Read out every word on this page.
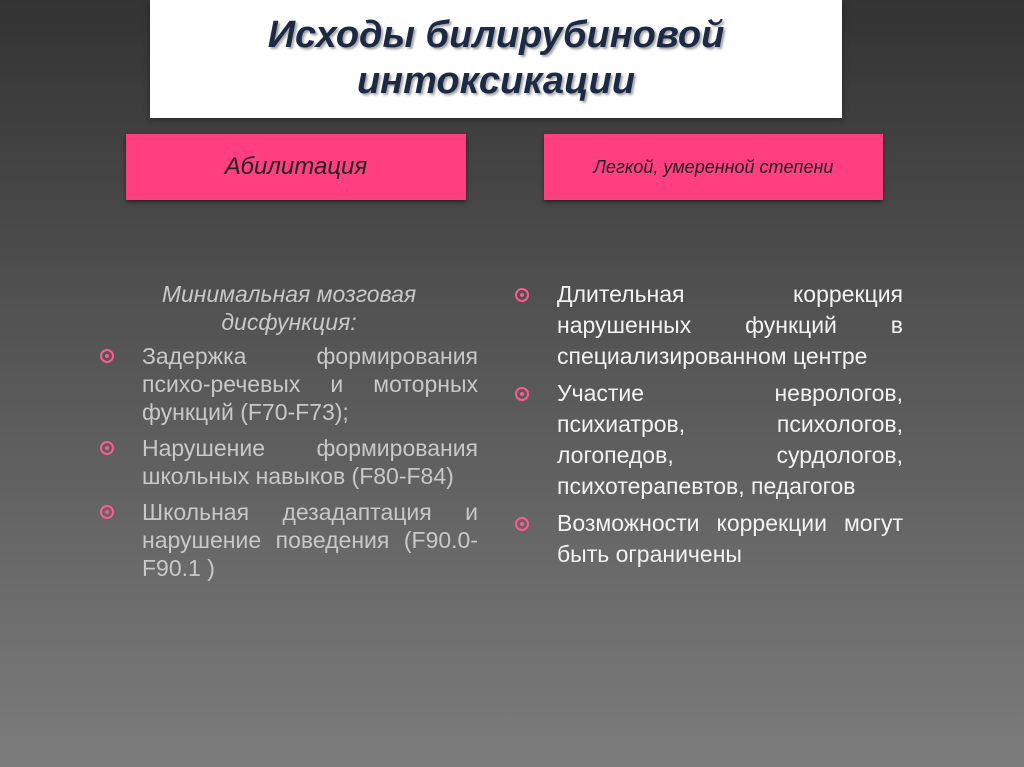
Исходы билирубиновой
интоксикации
Абилитация	Легкой, умеренной степени
Минимальная мозговая
дисфункция:
Задержка формирования психо-речевых и моторных функций (F70-F73);
Нарушение формирования школьных навыков (F80-F84)
Школьная дезадаптация и нарушение поведения (F90.0-F90.1 )
Длительная коррекция нарушенных функций в специализированном центре
Участие неврологов, психиатров, психологов, логопедов, сурдологов, психотерапевтов, педагогов
Возможности коррекции могут быть ограничены
